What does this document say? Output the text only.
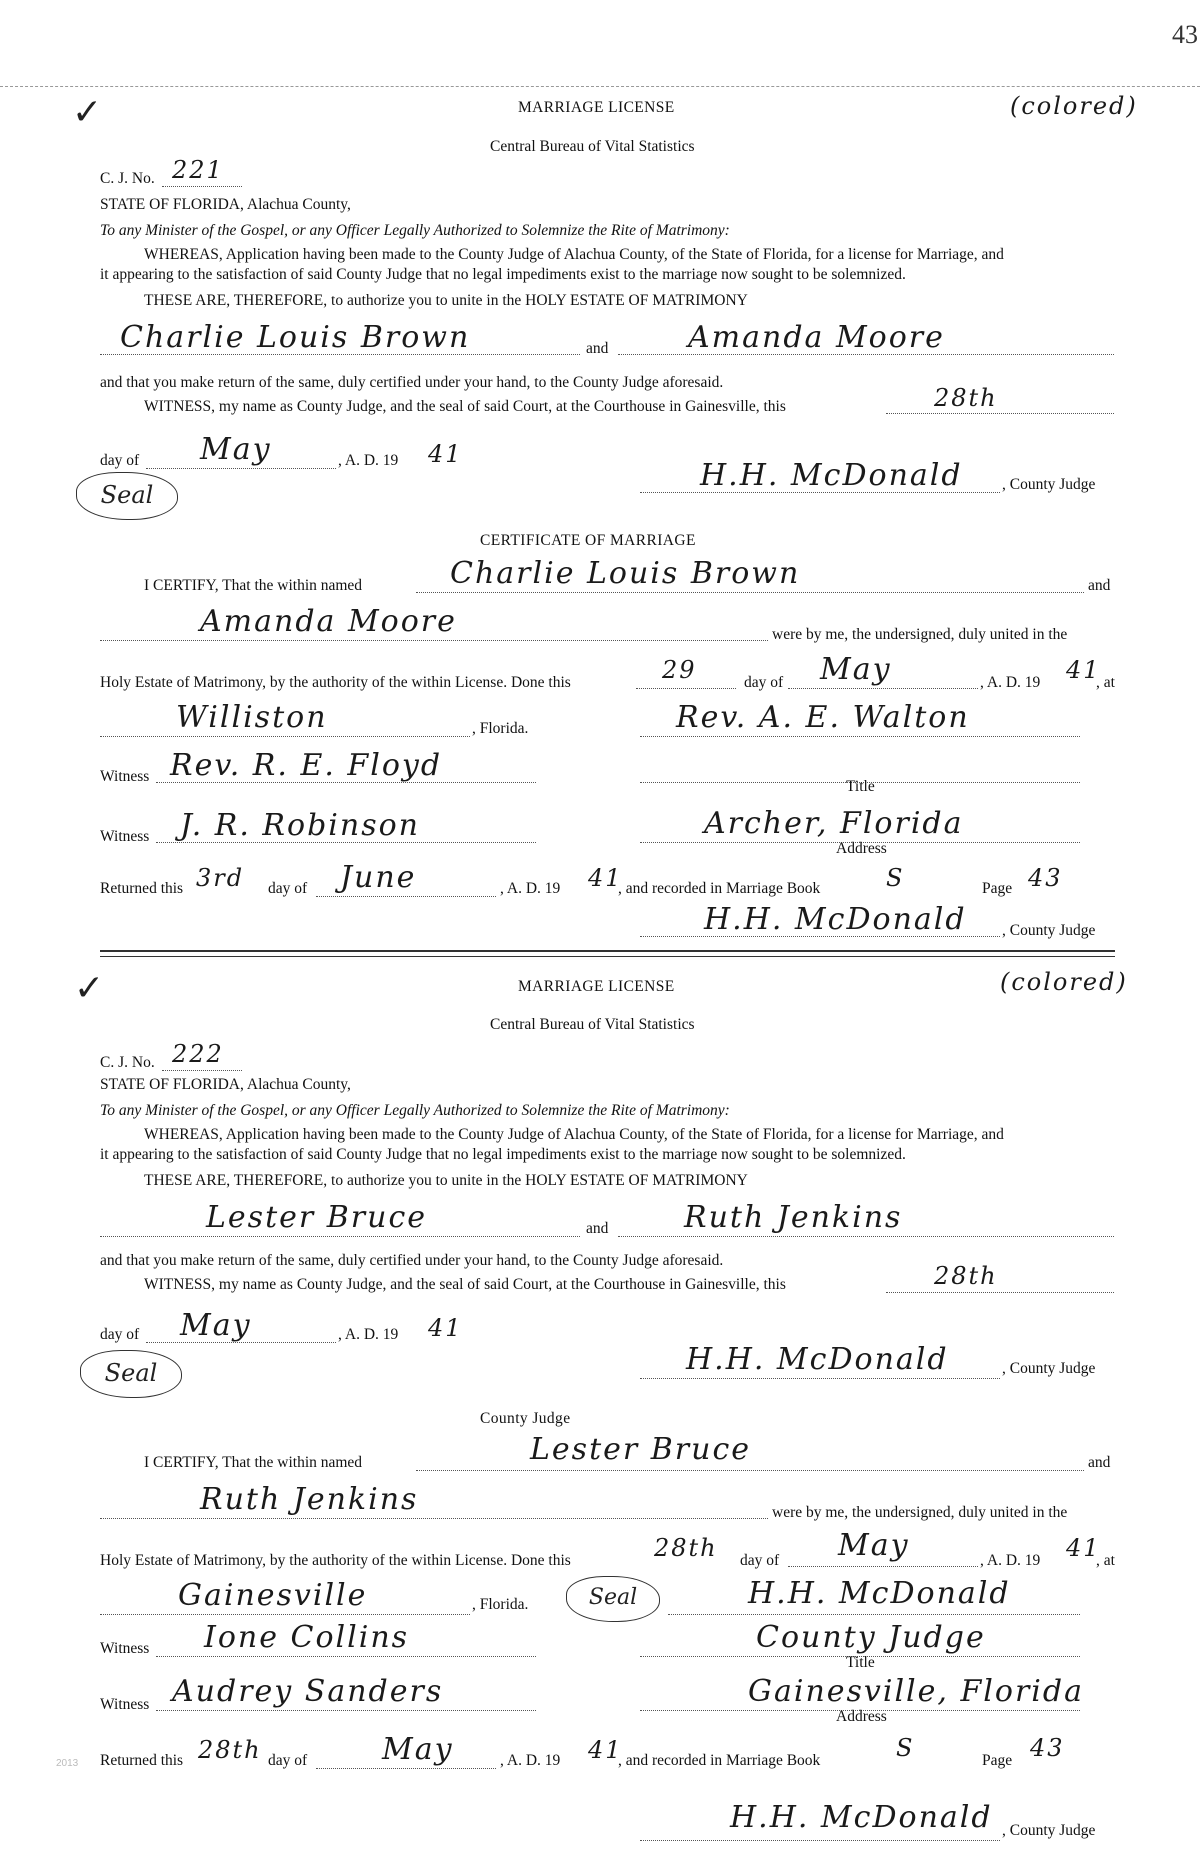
43
✓	MARRIAGE LICENSE	(colored)
Central Bureau of Vital Statistics
C. J. No. 221
STATE OF FLORIDA, Alachua County,
To any Minister of the Gospel, or any Officer Legally Authorized to Solemnize the Rite of Matrimony:
WHEREAS, Application having been made to the County Judge of Alachua County, of the State of Florida, for a license for Marriage, and
it appearing to the satisfaction of said County Judge that no legal impediments exist to the marriage now sought to be solemnized.
THESE ARE, THEREFORE, to authorize you to unite in the HOLY ESTATE OF MATRIMONY
Charlie Louis Brown	and	Amanda Moore
and that you make return of the same, duly certified under your hand, to the County Judge aforesaid.
WITNESS, my name as County Judge, and the seal of said Court, at the Courthouse in Gainesville, this	28th
day of May	, A. D. 19 41
Seal
H.H. McDonald	, County Judge
CERTIFICATE OF MARRIAGE
I CERTIFY, That the within named	Charlie Louis Brown	and
Amanda Moore	were by me, the undersigned, duly united in the
Holy Estate of Matrimony, by the authority of the within License. Done this	29	day of May	, A. D. 19 41
, at
Williston	, Florida.	Rev. A. E. Walton
Witness Rev. R. E. Floyd
Title
Witness J. R. Robinson	Archer, Florida
Address
Returned this 3rd day of June	, A. D. 19 41
, and recorded in Marriage Book	S	Page 43
H.H. McDonald , County Judge
✓	MARRIAGE LICENSE	(colored)
Central Bureau of Vital Statistics
C. J. No. 222
STATE OF FLORIDA, Alachua County,
To any Minister of the Gospel, or any Officer Legally Authorized to Solemnize the Rite of Matrimony:
WHEREAS, Application having been made to the County Judge of Alachua County, of the State of Florida, for a license for Marriage, and
it appearing to the satisfaction of said County Judge that no legal impediments exist to the marriage now sought to be solemnized.
THESE ARE, THEREFORE, to authorize you to unite in the HOLY ESTATE OF MATRIMONY
Lester Bruce	and	Ruth Jenkins
and that you make return of the same, duly certified under your hand, to the County Judge aforesaid.
WITNESS, my name as County Judge, and the seal of said Court, at the Courthouse in Gainesville, this	28th
day of May	, A. D. 19 41
Seal	H.H. McDonald	, County Judge
County Judge
I CERTIFY, That the within named	Lester Bruce	and
Ruth Jenkins	were by me, the undersigned, duly united in the
Holy Estate of Matrimony, by the authority of the within License. Done this	28th day of May	, A. D. 19 41
, at
Gainesville	, Florida.	Seal	H.H. McDonald
Witness Ione Collins	County Judge
Title
Witness Audrey Sanders	Gainesville, Florida
Address
2013 Returned this 28th day of May	, A. D. 19 41
, and recorded in Marriage Book	S	Page 43
H.H. McDonald , County Judge
